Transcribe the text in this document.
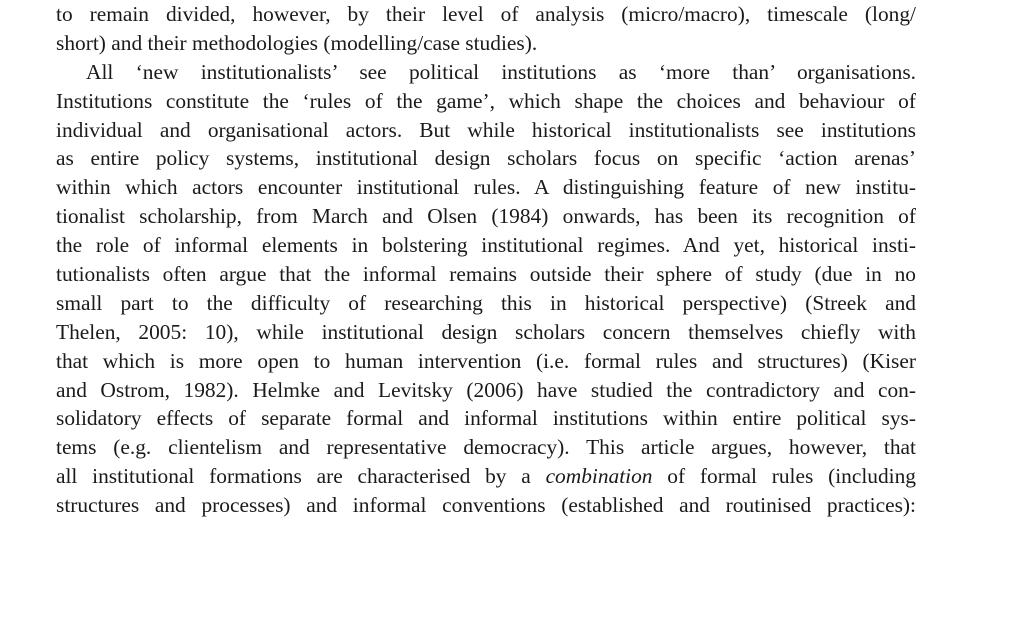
to remain divided, however, by their level of analysis (micro/macro), timescale (long/
short) and their methodologies (modelling/case studies).
All ‘new institutionalists’ see political institutions as ‘more than’ organisations.
Institutions constitute the ‘rules of the game’, which shape the choices and behaviour of
individual and organisational actors. But while historical institutionalists see institutions
as entire policy systems, institutional design scholars focus on specific ‘action arenas’
within which actors encounter institutional rules. A distinguishing feature of new institu-
tionalist scholarship, from March and Olsen (1984) onwards, has been its recognition of
the role of informal elements in bolstering institutional regimes. And yet, historical insti-
tutionalists often argue that the informal remains outside their sphere of study (due in no
small part to the difficulty of researching this in historical perspective) (Streek and
Thelen, 2005: 10), while institutional design scholars concern themselves chiefly with
that which is more open to human intervention (i.e. formal rules and structures) (Kiser
and Ostrom, 1982). Helmke and Levitsky (2006) have studied the contradictory and con-
solidatory effects of separate formal and informal institutions within entire political sys-
tems (e.g. clientelism and representative democracy). This article argues, however, that
all institutional formations are characterised by a combination of formal rules (including
structures and processes) and informal conventions (established and routinised practices):
